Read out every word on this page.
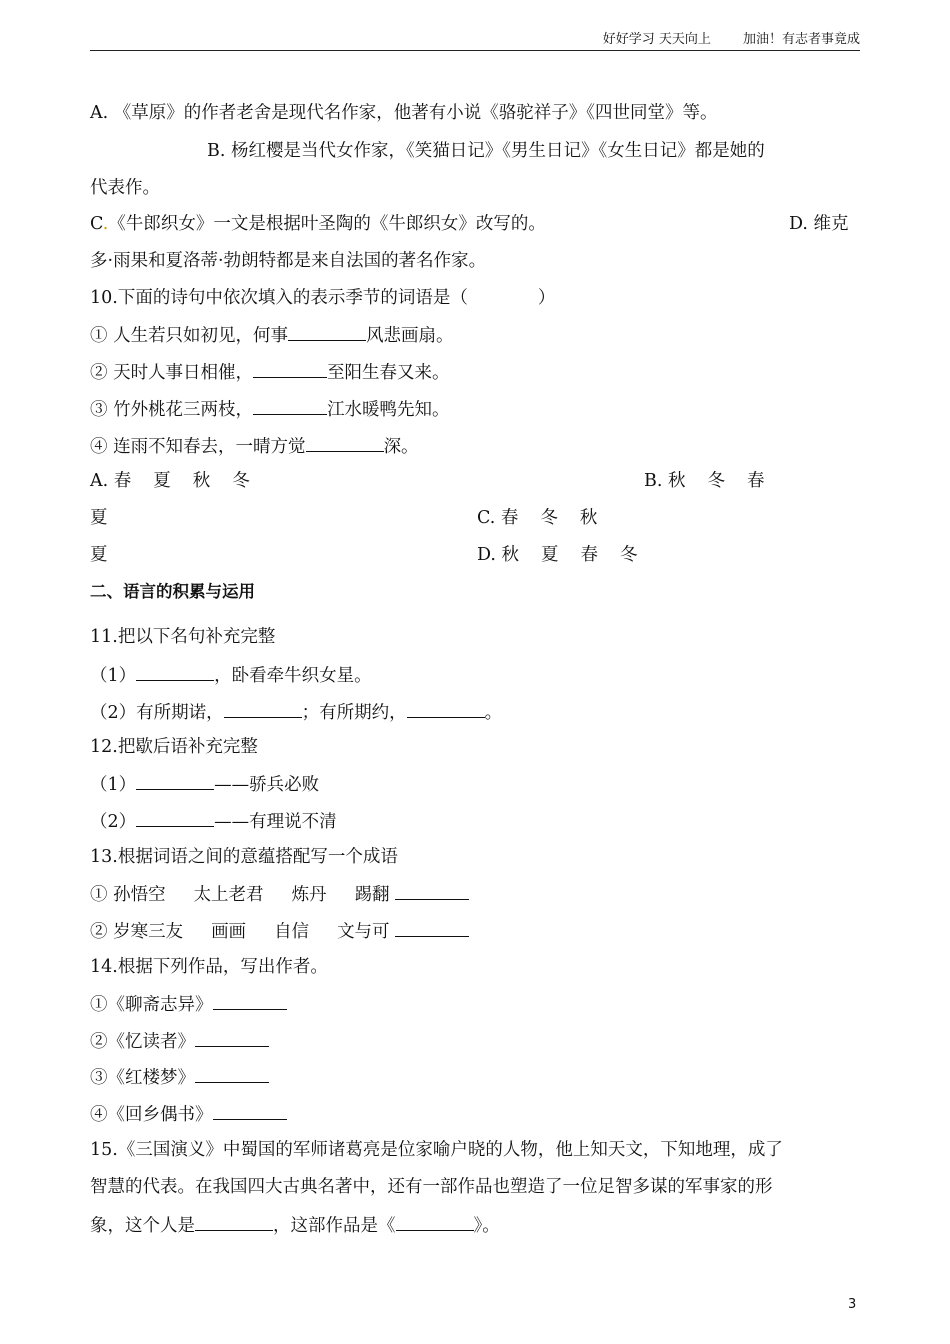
好好学习 天天向上 加油！有志者事竟成
A. 《草原》的作者老舍是现代名作家，他著有小说《骆驼祥子》《四世同堂》等。
B. 杨红樱是当代女作家，《笑猫日记》《男生日记》《女生日记》都是她的
代表作。
C.《牛郎织女》一文是根据叶圣陶的《牛郎织女》改写的。	D. 维克
多·雨果和夏洛蒂·勃朗特都是来自法国的著名作家。
10.下面的诗句中依次填入的表示季节的词语是（　　　　）
① 人生若只如初见，何事	风悲画扇。
② 天时人事日相催，	至阳生春又来。
③ 竹外桃花三两枝，	江水暖鸭先知。
④ 连雨不知春去，一晴方觉	深。
A. 春 夏 秋 冬	B. 秋 冬 春
夏	C. 春 冬 秋
夏	D. 秋 夏 春 冬
二、语言的积累与运用
11.把以下名句补充完整
（1）	，卧看牵牛织女星。
（2）有所期诺，	；有所期约，	。
12.把歇后语补充完整
（1）	——骄兵必败
（2）	——有理说不清
13.根据词语之间的意蕴搭配写一个成语
① 孙悟空 太上老君 炼丹 踢翻
② 岁寒三友 画画 自信 文与可
14.根据下列作品，写出作者。
①《聊斋志异》
②《忆读者》
③《红楼梦》
④《回乡偶书》
15.《三国演义》中蜀国的军师诸葛亮是位家喻户晓的人物，他上知天文，下知地理，成了
智慧的代表。在我国四大古典名著中，还有一部作品也塑造了一位足智多谋的军事家的形
象，这个人是	，这部作品是《	》。
3
